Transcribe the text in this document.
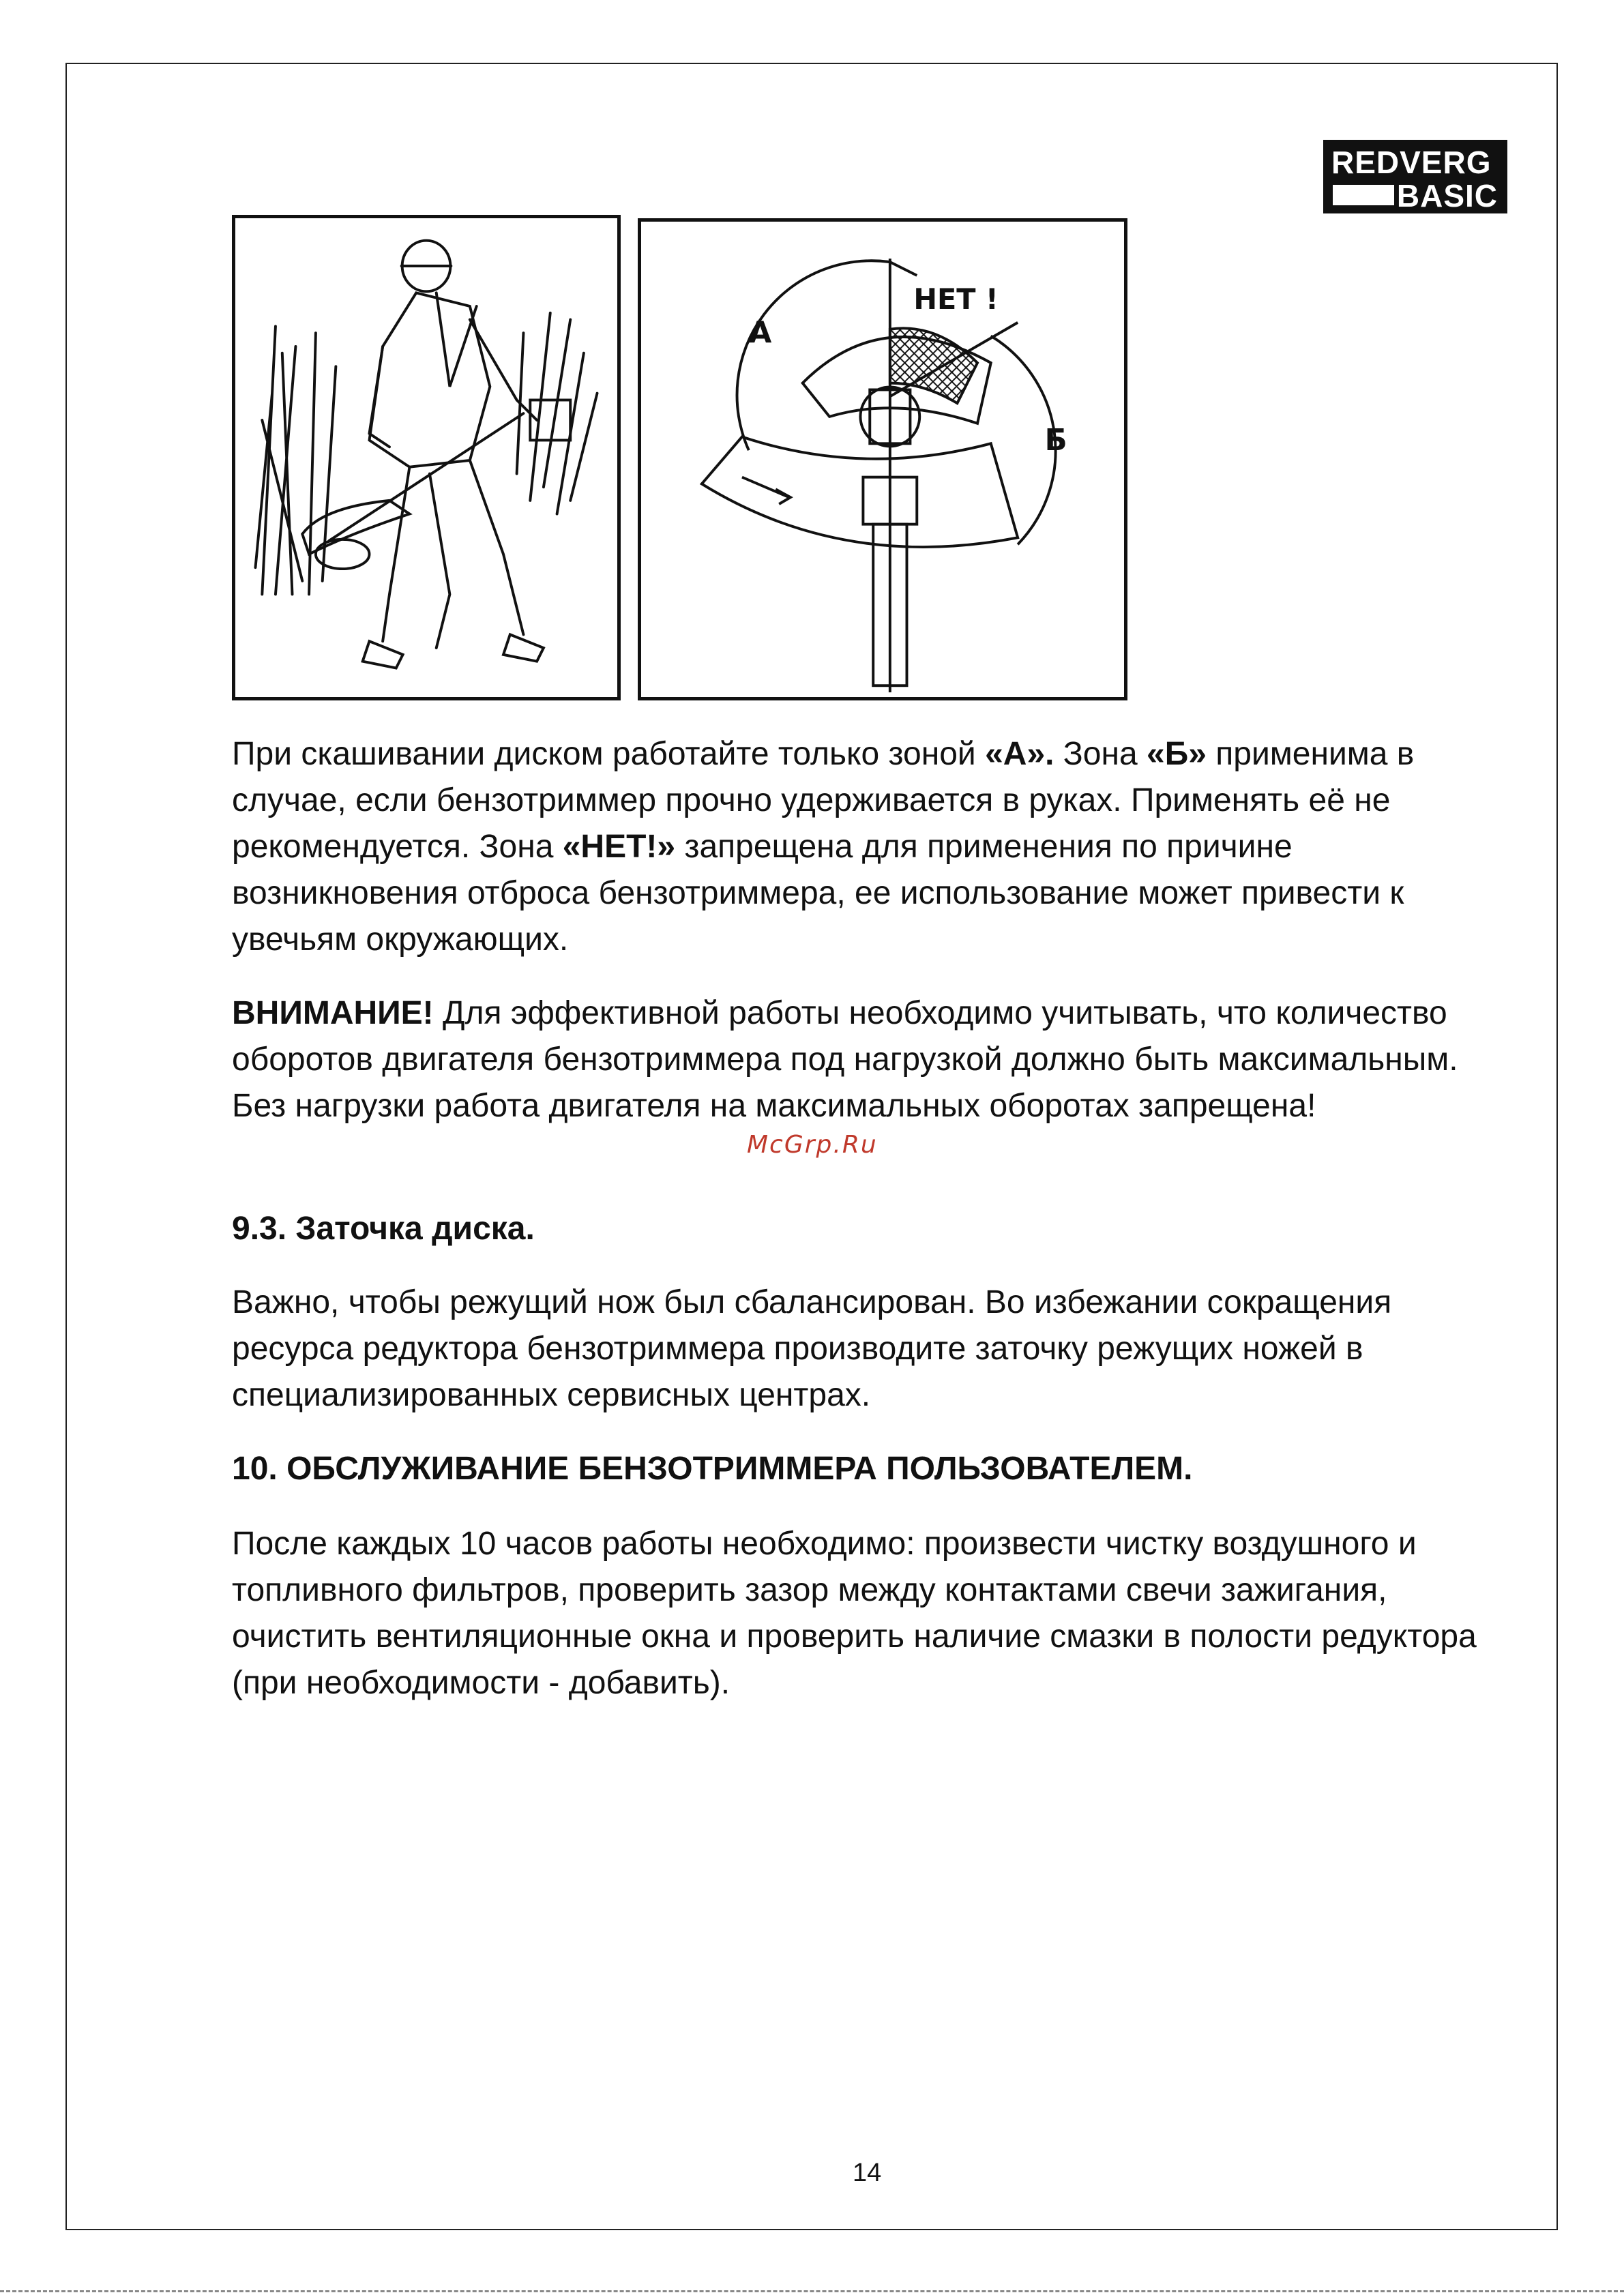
REDVERG
BASIC
А
Б
НЕТ !

При скашивании диском работайте только зоной «А». Зона «Б» применима в случае, если бензотриммер прочно удерживается в руках. Применять её не рекомендуется. Зона «НЕТ!» запрещена для применения по причине возникновения отброса бензотриммера, ее использование может привести к увечьям окружающих.

ВНИМАНИЕ! Для эффективной работы необходимо учитывать, что количество оборотов двигателя бензотриммера под нагрузкой должно быть максимальным. Без нагрузки работа двигателя на максимальных оборотах запрещена!

McGrp.Ru
9.3. Заточка диска.
Важно, чтобы режущий нож был сбалансирован. Во избежании сокращения ресурса редуктора бензотриммера производите заточку режущих ножей в специализированных сервисных центрах.
10. ОБСЛУЖИВАНИЕ БЕНЗОТРИММЕРА ПОЛЬЗОВАТЕЛЕМ.
После каждых 10 часов работы необходимо: произвести чистку воздушного и топливного фильтров, проверить зазор между контактами свечи зажигания, очистить вентиляционные окна и проверить наличие смазки в полости редуктора (при необходимости - добавить).
14
